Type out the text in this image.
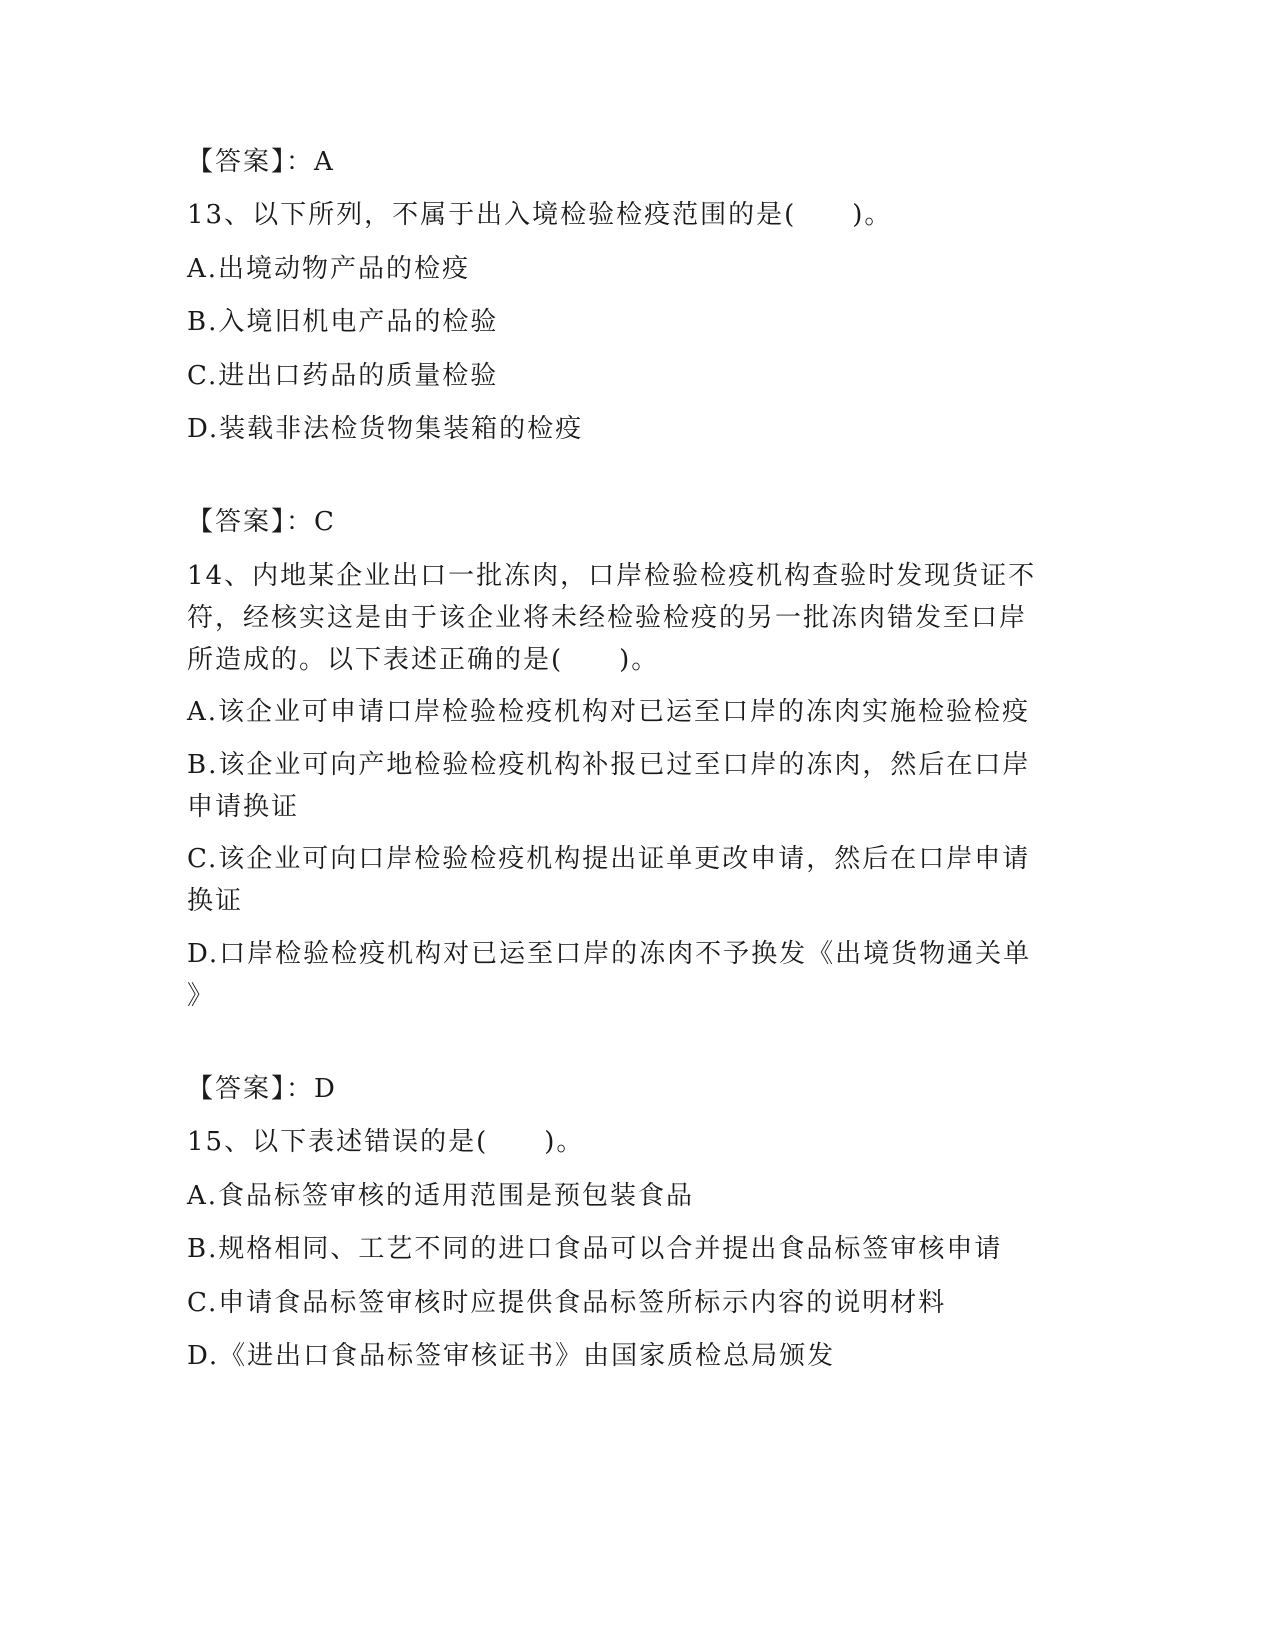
【答案】：A
13、以下所列，不属于出入境检验检疫范围的是(　　)。
A.出境动物产品的检疫
B.入境旧机电产品的检验
C.进出口药品的质量检验
D.装载非法检货物集装箱的检疫
【答案】：C
14、内地某企业出口一批冻肉，口岸检验检疫机构查验时发现货证不
符，经核实这是由于该企业将未经检验检疫的另一批冻肉错发至口岸
所造成的。以下表述正确的是(　　)。
A.该企业可申请口岸检验检疫机构对已运至口岸的冻肉实施检验检疫
B.该企业可向产地检验检疫机构补报已过至口岸的冻肉，然后在口岸
申请换证
C.该企业可向口岸检验检疫机构提出证单更改申请，然后在口岸申请
换证
D.口岸检验检疫机构对已运至口岸的冻肉不予换发《出境货物通关单
》
【答案】：D
15、以下表述错误的是(　　)。
A.食品标签审核的适用范围是预包装食品
B.规格相同、工艺不同的进口食品可以合并提出食品标签审核申请
C.申请食品标签审核时应提供食品标签所标示内容的说明材料
D.《进出口食品标签审核证书》由国家质检总局颁发
